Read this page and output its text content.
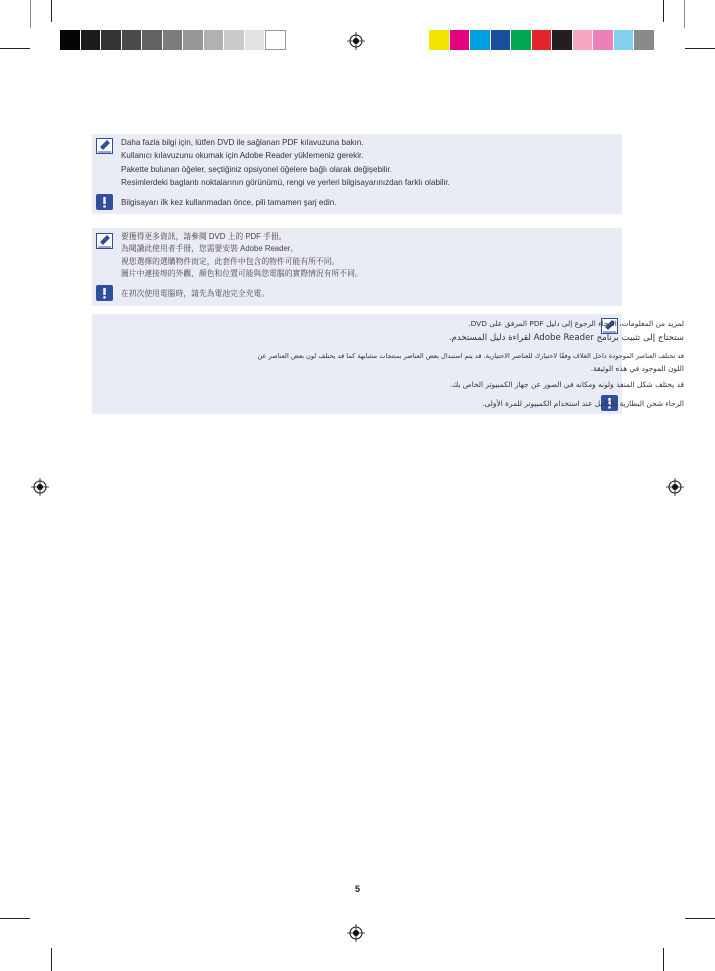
Daha fazla bilgi için, lütfen DVD ile sağlanan PDF kılavuzuna bakın.
Kullanıcı kılavuzunu okumak için Adobe Reader yüklemeniz gerekir.
Pakette bulunan öğeler, seçtiğiniz opsiyonel öğelere bağlı olarak değişebilir.
Resimlerdeki baglantı noktalarının görünümü, rengi ve yerleri bilgisayarınızdan farklı olabilir.
Bilgisayarı ilk kez kullanmadan önce, pili tamamen şarj edin.
要獲得更多資訊，請參閱 DVD 上的 PDF 手冊。
為閱讀此使用者手冊，您需要安裝 Adobe Reader。
視您選擇的選購物件而定，此套件中包含的物件可能有所不同。
圖片中連接埠的外觀、顏色和位置可能與您電腦的實際情況有所不同。
在初次使用電腦時，請先為電池完全充電。
لمزيد من المعلومات، الرجاء الرجوع إلى دليل PDF المرفق على DVD.
ستحتاج إلى تثبيت برنامج Adobe Reader لقراءة دليل المستخدم.
قد تختلف العناصر الموجودة داخل الغلاف وفقًا لاختيارك للعناصر الاختيارية. قد يتم استبدال بعض العناصر بمنتجات مشابهة كما قد يختلف لون بعض العناصر عن
اللون الموجود في هذه الوثيقة.
قد يختلف شكل المنفذ ولونه ومكانه في الصور عن جهاز الكمبيوتر الخاص بك.
الرجاء شحن البطارية بالكامل عند استخدام الكمبيوتر للمرة الأولى.
5
